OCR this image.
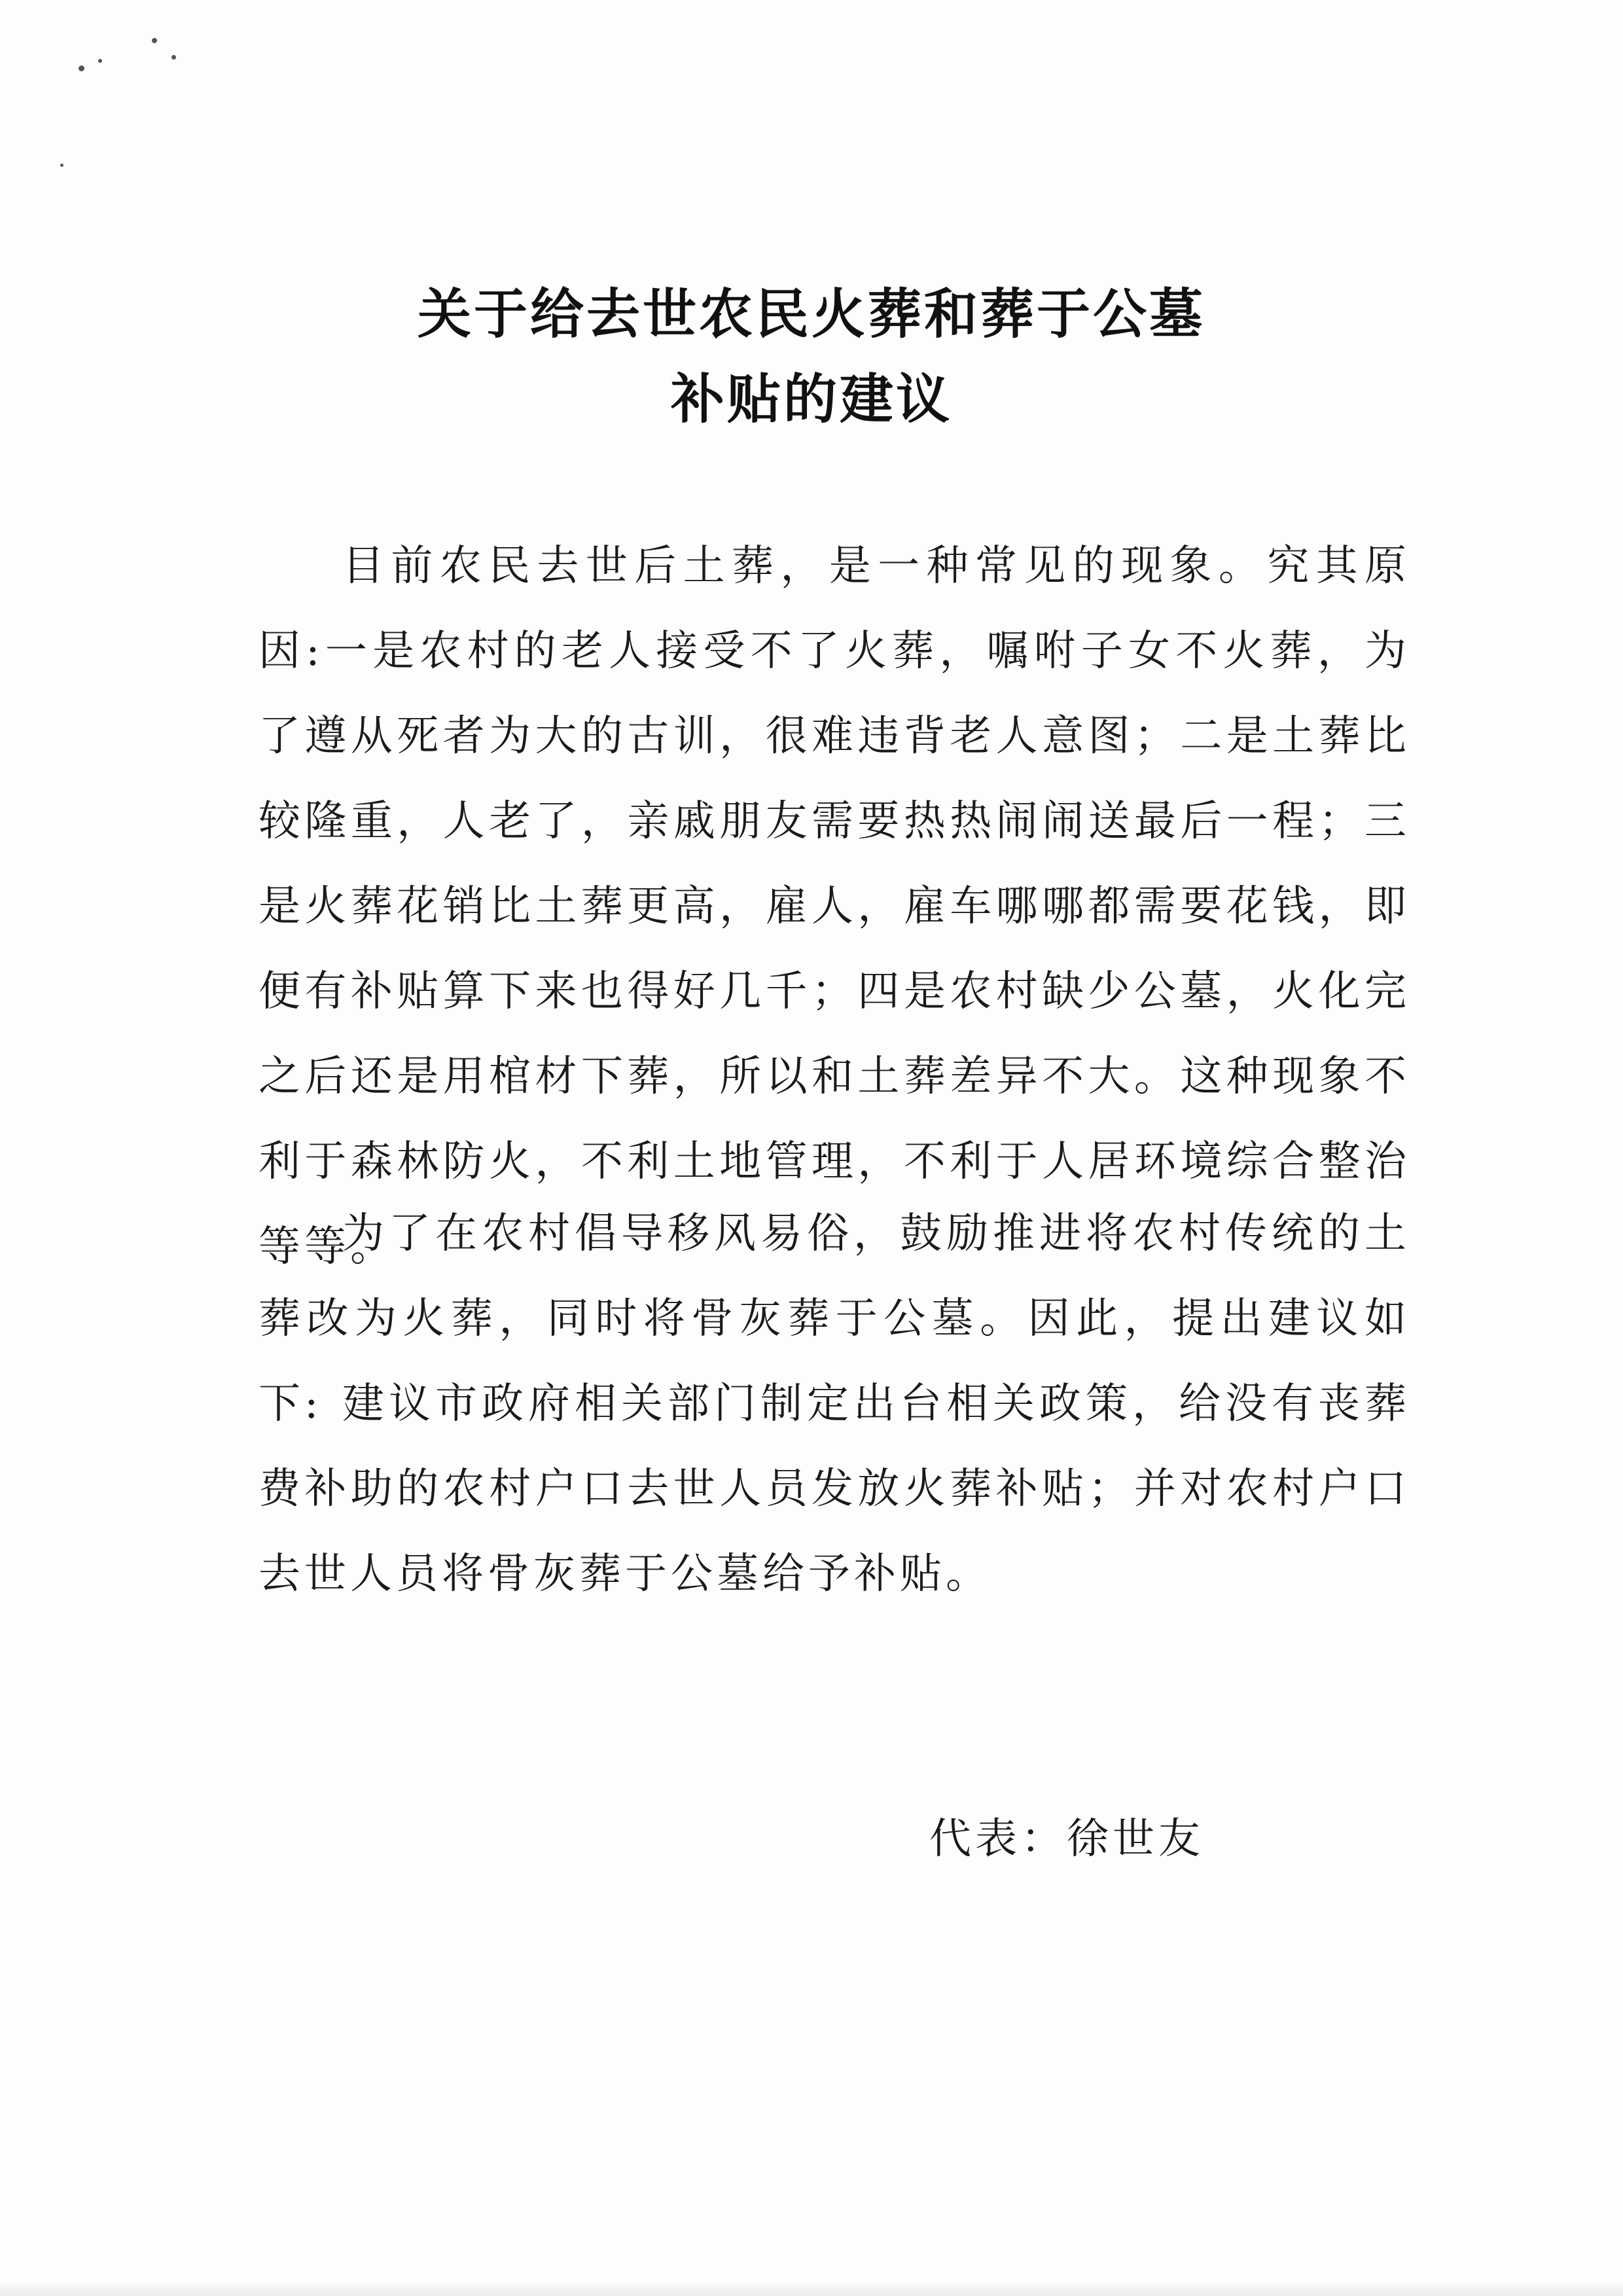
关于给去世农民火葬和葬于公墓
补贴的建议

目前农民去世后土葬，是一种常见的现象。究其原因:一是农村的老人接受不了火葬，嘱咐子女不火葬，为了遵从死者为大的古训，很难违背老人意图；二是土葬比较隆重，人老了，亲戚朋友需要热热闹闹送最后一程；三是火葬花销比土葬更高，雇人，雇车哪哪都需要花钱，即便有补贴算下来也得好几千；四是农村缺少公墓，火化完之后还是用棺材下葬，所以和土葬差异不大。这种现象不利于森林防火，不利土地管理，不利于人居环境综合整治等等。

为了在农村倡导移风易俗，鼓励推进将农村传统的土葬改为火葬，同时将骨灰葬于公墓。因此，提出建议如下: 建议市政府相关部门制定出台相关政策，给没有丧葬费补助的农村户口去世人员发放火葬补贴；并对农村户口去世人员将骨灰葬于公墓给予补贴。

代表：徐世友
